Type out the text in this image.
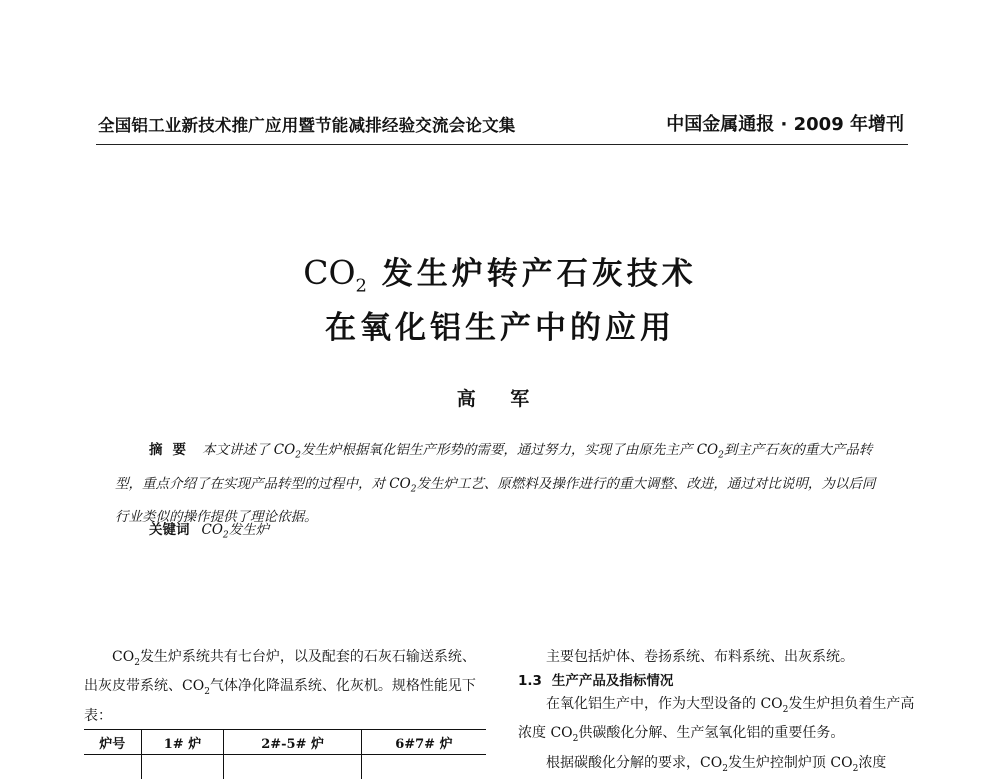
全国铝工业新技术推广应用暨节能减排经验交流会论文集	中国金属通报 · 2009 年增刊
$CO_2$ 发生炉转产石灰技术
在氧化铝生产中的应用
高 军
摘要 本文讲述了 $CO_2$发生炉根据氧化铝生产形势的需要，通过努力，实现了由原先主产 $CO_2$到主产石灰的重大产品转型，重点介绍了在实现产品转型的过程中，对 $CO_2$发生炉工艺、原燃料及操作进行的重大调整、改进，通过对比说明，为以后同行业类似的操作提供了理论依据。
关键词 $CO_2$发生炉

$CO_2$发生炉系统共有七台炉，以及配套的石灰石输送系统、出灰皮带系统、$CO_2$气体净化降温系统、化灰机。规格性能见下表：

炉号	1# 炉	2#-5# 炉	6#7# 炉

主要包括炉体、卷扬系统、布料系统、出灰系统。

1.3 生产产品及指标情况

在氧化铝生产中，作为大型设备的 $CO_2$发生炉担负着生产高浓度 $CO_2$供碳酸化分解、生产氢氧化铝的重要任务。

根据碳酸化分解的要求，$CO_2$发生炉控制炉顶 $CO_2$浓度
